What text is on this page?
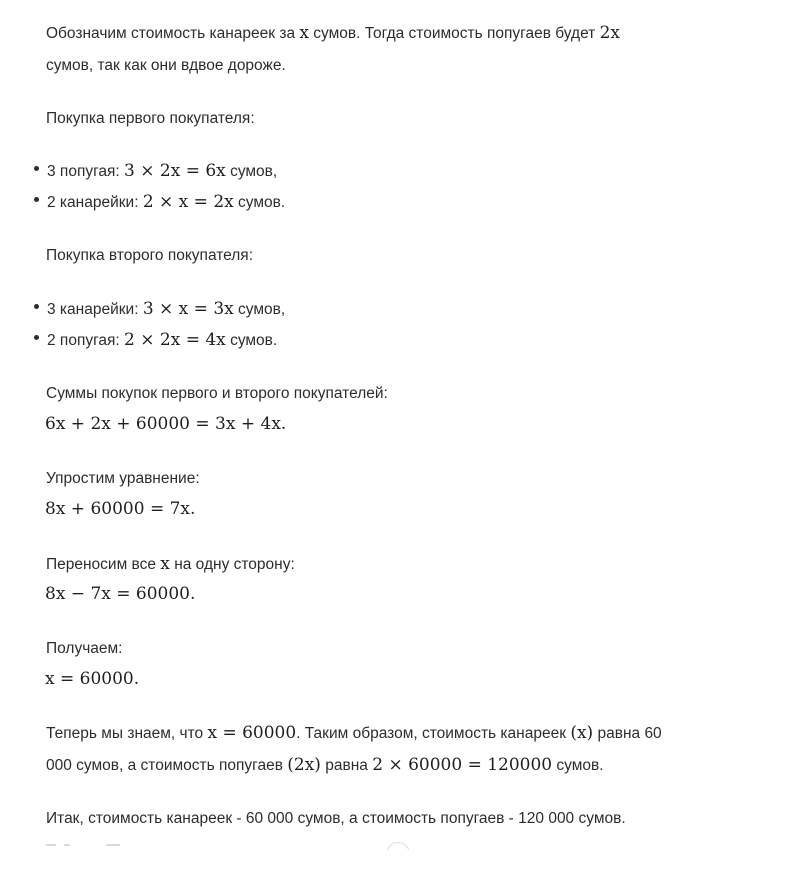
Обозначим стоимость канареек за x сумов. Тогда стоимость попугаев будет 2x
сумов, так как они вдвое дороже.
Покупка первого покупателя:
3 попугая: 3 × 2x = 6x сумов,
2 канарейки: 2 × x = 2x сумов.
Покупка второго покупателя:
3 канарейки: 3 × x = 3x сумов,
2 попугая: 2 × 2x = 4x сумов.
Суммы покупок первого и второго покупателей:
6x + 2x + 60000 = 3x + 4x.
Упростим уравнение:
8x + 60000 = 7x.
Переносим все x на одну сторону:
8x − 7x = 60000.
Получаем:
x = 60000.
Теперь мы знаем, что x = 60000. Таким образом, стоимость канареек (x) равна 60
000 сумов, а стоимость попугаев (2x) равна 2 × 60000 = 120000 сумов.
Итак, стоимость канареек - 60 000 сумов, а стоимость попугаев - 120 000 сумов.
